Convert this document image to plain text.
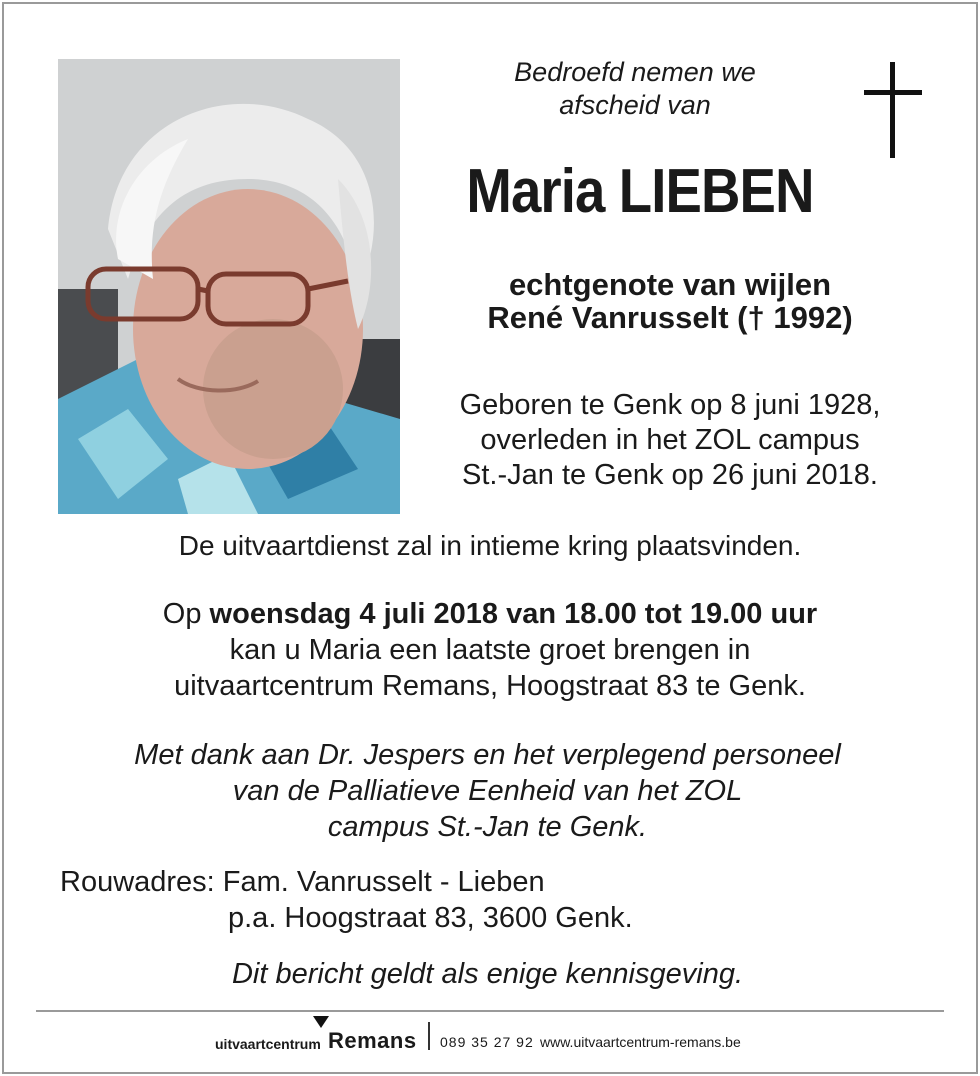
Bedroefd nemen we
afscheid van
Maria LIEBEN
echtgenote van wijlen
René Vanrusselt († 1992)
Geboren te Genk op 8 juni 1928,
overleden in het ZOL campus
St.-Jan te Genk op 26 juni 2018.
De uitvaartdienst zal in intieme kring plaatsvinden.
Op woensdag 4 juli 2018 van 18.00 tot 19.00 uur
kan u Maria een laatste groet brengen in
uitvaartcentrum Remans, Hoogstraat 83 te Genk.
Met dank aan Dr. Jespers en het verplegend personeel
van de Palliatieve Eenheid van het ZOL
campus St.-Jan te Genk.
Rouwadres: Fam. Vanrusselt - Lieben
p.a. Hoogstraat 83, 3600 Genk.
Dit bericht geldt als enige kennisgeving.
uitvaartcentrum Remans 089 35 27 92 www.uitvaartcentrum-remans.be
